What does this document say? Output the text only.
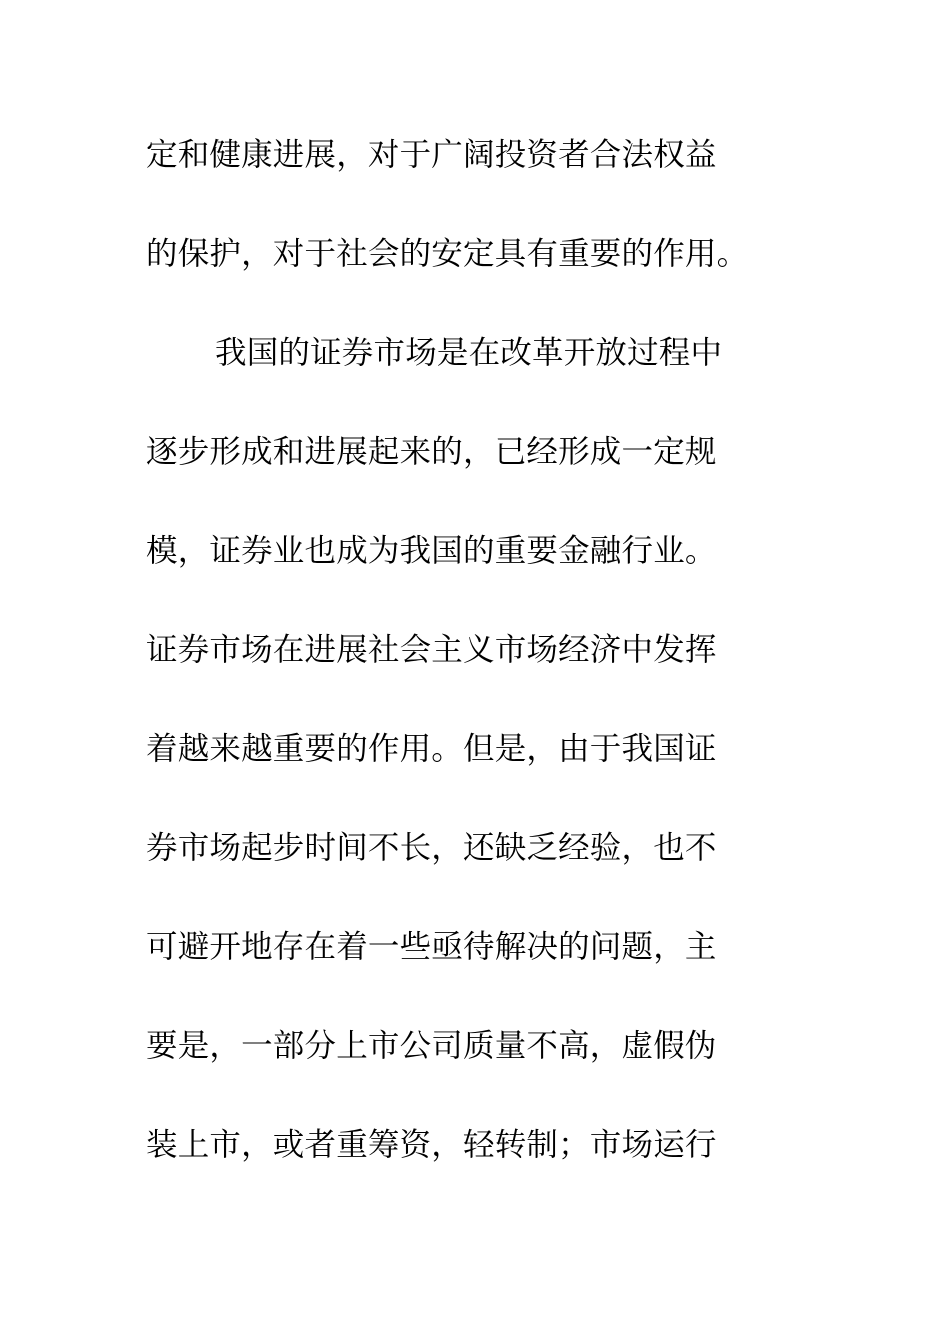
定和健康进展，对于广阔投资者合法权益
的保护，对于社会的安定具有重要的作用。
我国的证券市场是在改革开放过程中
逐步形成和进展起来的，已经形成一定规
模，证券业也成为我国的重要金融行业。
证券市场在进展社会主义市场经济中发挥
着越来越重要的作用。但是，由于我国证
券市场起步时间不长，还缺乏经验，也不
可避开地存在着一些亟待解决的问题，主
要是，一部分上市公司质量不高，虚假伪
装上市，或者重筹资，轻转制；市场运行
